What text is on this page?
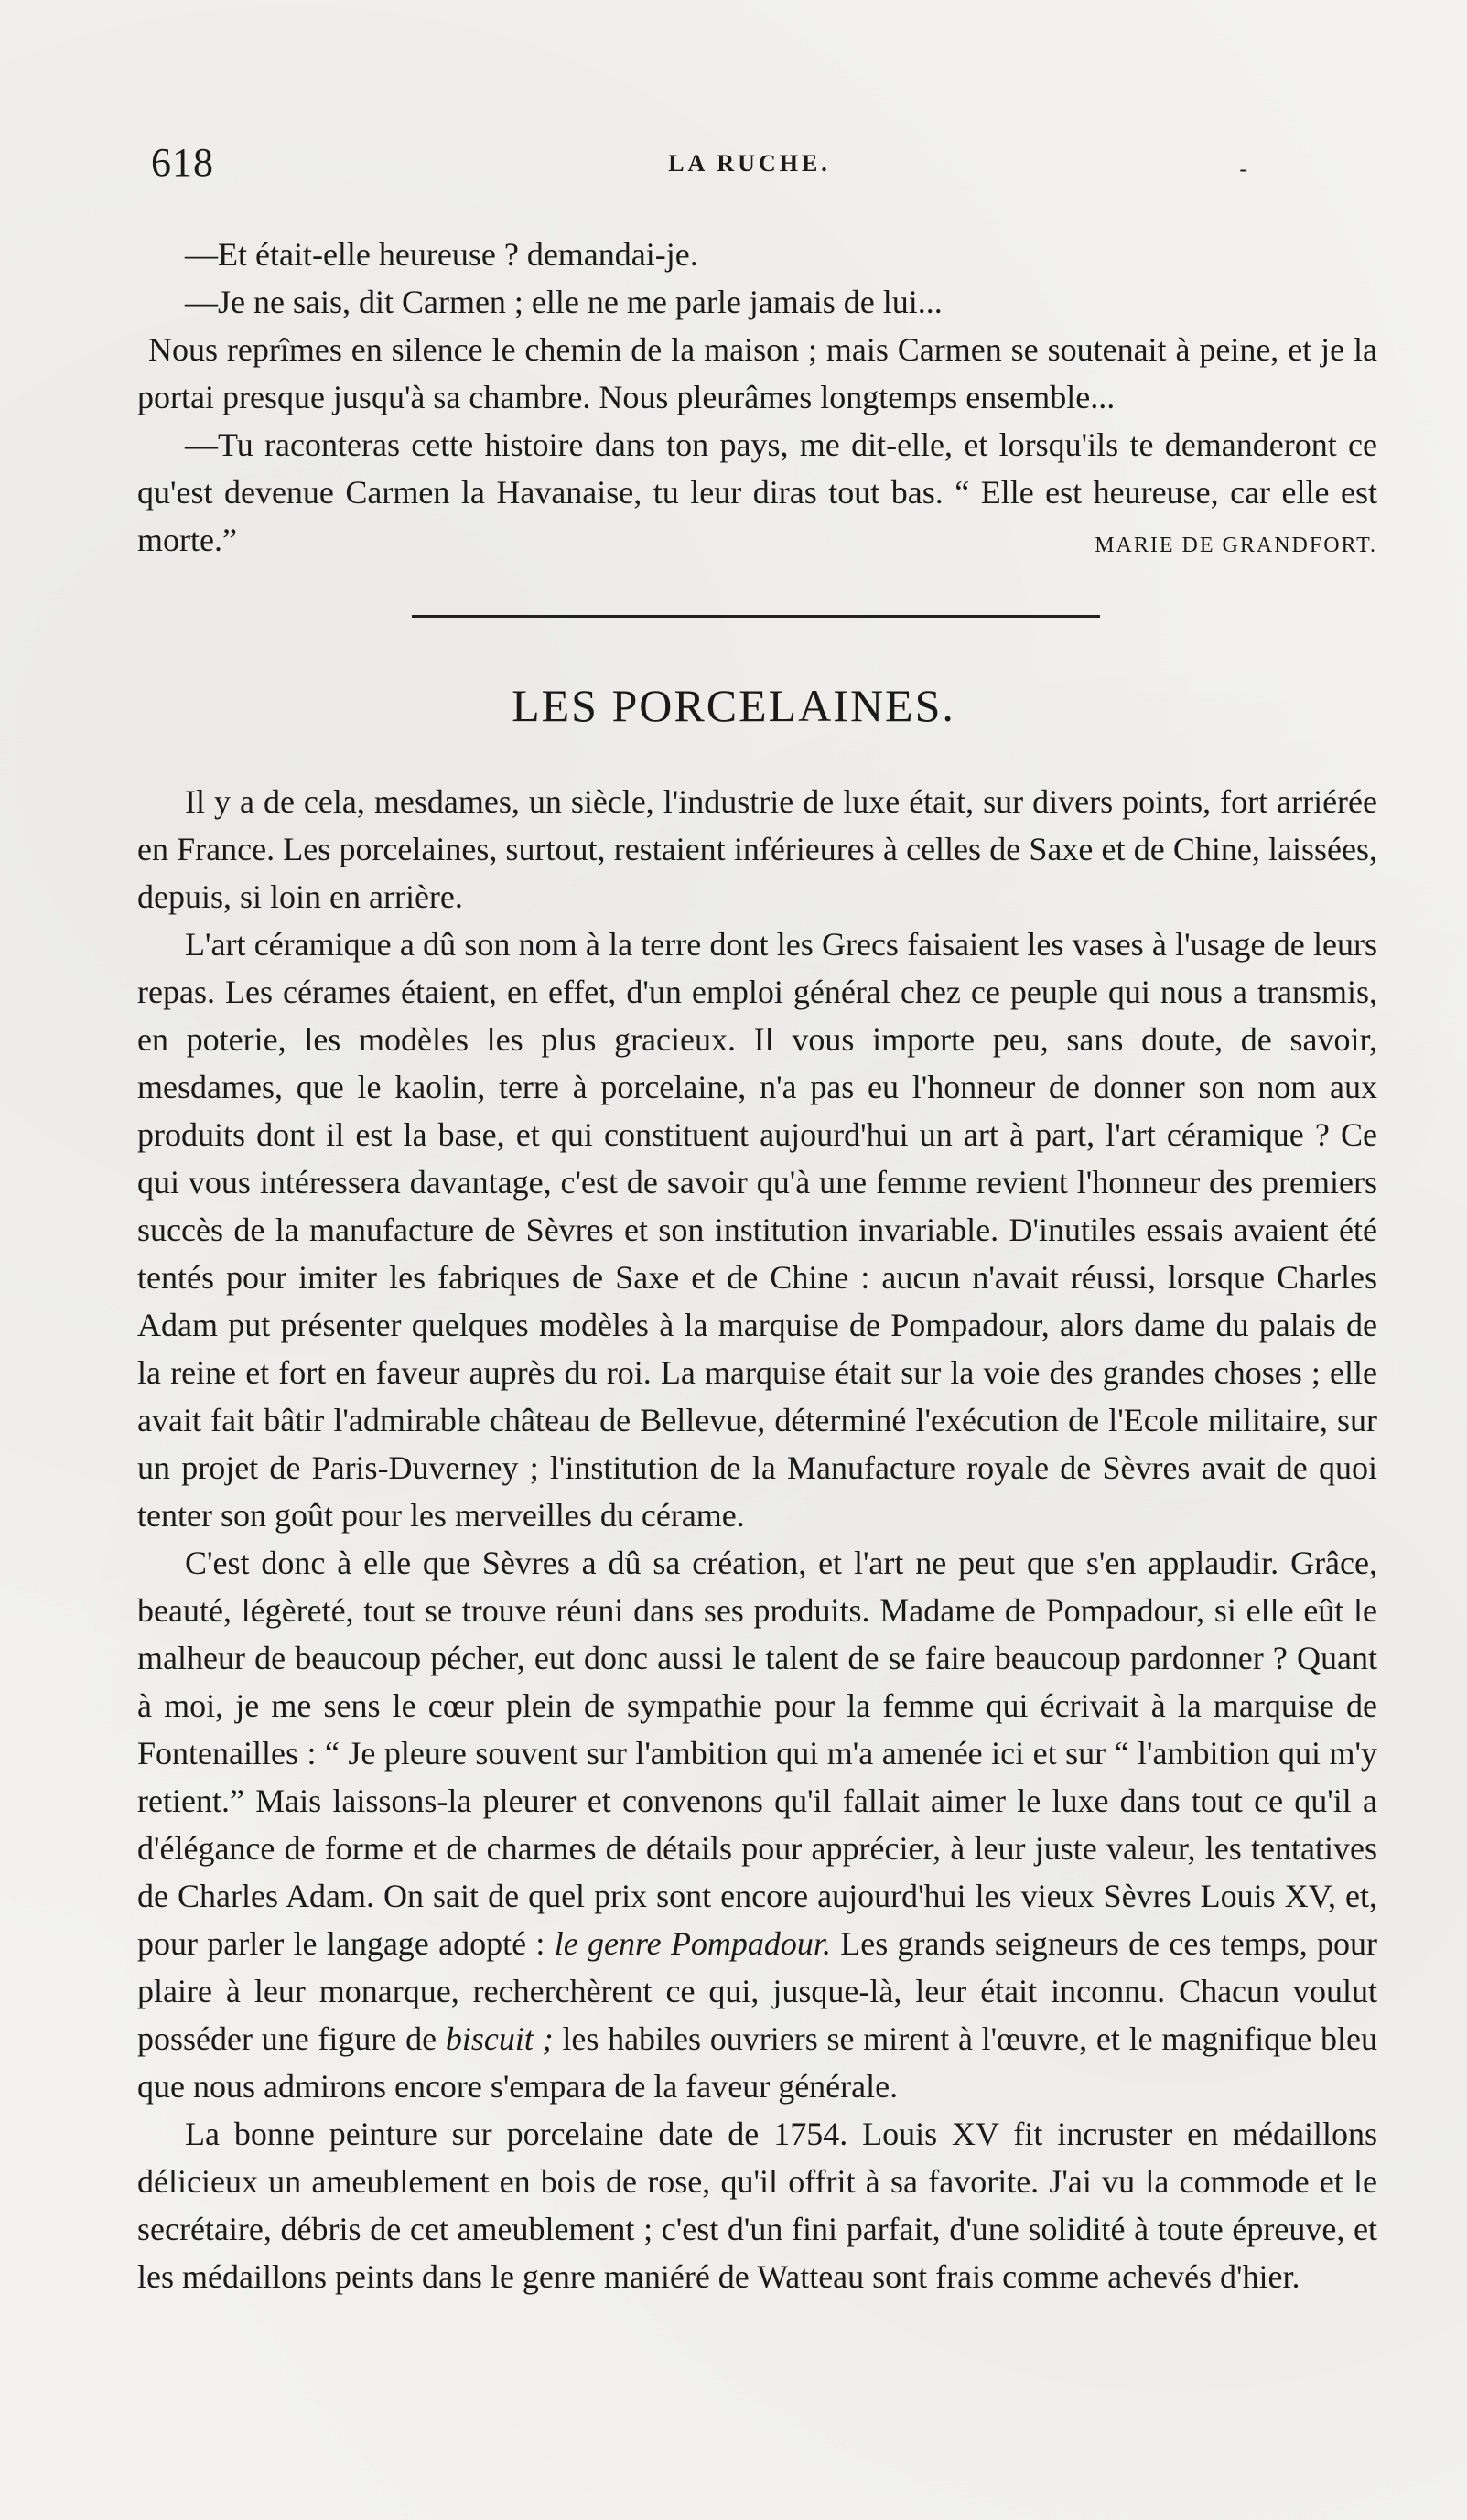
618	LA RUCHE.	-

—Et était-elle heureuse ? demandai-je.

—Je ne sais, dit Carmen ; elle ne me parle jamais de lui...

Nous reprîmes en silence le chemin de la maison ; mais Carmen se soutenait à peine, et je la portai presque jusqu'à sa chambre. Nous pleurâmes longtemps ensemble...

—Tu raconteras cette histoire dans ton pays, me dit-elle, et lorsqu'ils te demanderont ce qu'est devenue Carmen la Havanaise, tu leur diras tout bas. “ Elle est heureuse, car elle est morte.”	MARIE DE GRANDFORT.

LES PORCELAINES.

Il y a de cela, mesdames, un siècle, l'industrie de luxe était, sur divers points, fort arriérée en France. Les porcelaines, surtout, restaient inférieures à celles de Saxe et de Chine, laissées, depuis, si loin en arrière.

L'art céramique a dû son nom à la terre dont les Grecs faisaient les vases à l'usage de leurs repas. Les cérames étaient, en effet, d'un emploi général chez ce peuple qui nous a transmis, en poterie, les modèles les plus gracieux. Il vous importe peu, sans doute, de savoir, mesdames, que le kaolin, terre à porcelaine, n'a pas eu l'honneur de donner son nom aux produits dont il est la base, et qui constituent aujourd'hui un art à part, l'art céramique ? Ce qui vous intéressera davantage, c'est de savoir qu'à une femme revient l'honneur des premiers succès de la manufacture de Sèvres et son institution invariable. D'inutiles essais avaient été tentés pour imiter les fabriques de Saxe et de Chine : aucun n'avait réussi, lorsque Charles Adam put présenter quelques modèles à la marquise de Pompadour, alors dame du palais de la reine et fort en faveur auprès du roi. La marquise était sur la voie des grandes choses ; elle avait fait bâtir l'admirable château de Bellevue, déterminé l'exécution de l'Ecole militaire, sur un projet de Paris-Duverney ; l'institution de la Manufacture royale de Sèvres avait de quoi tenter son goût pour les merveilles du cérame.

C'est donc à elle que Sèvres a dû sa création, et l'art ne peut que s'en applaudir. Grâce, beauté, légèreté, tout se trouve réuni dans ses produits. Madame de Pompadour, si elle eût le malheur de beaucoup pécher, eut donc aussi le talent de se faire beaucoup pardonner ? Quant à moi, je me sens le cœur plein de sympathie pour la femme qui écrivait à la marquise de Fontenailles : “ Je pleure souvent sur l'ambition qui m'a amenée ici et sur “ l'ambition qui m'y retient.” Mais laissons-la pleurer et convenons qu'il fallait aimer le luxe dans tout ce qu'il a d'élégance de forme et de charmes de détails pour apprécier, à leur juste valeur, les tentatives de Charles Adam. On sait de quel prix sont encore aujourd'hui les vieux Sèvres Louis XV, et, pour parler le langage adopté : le genre Pompadour. Les grands seigneurs de ces temps, pour plaire à leur monarque, recherchèrent ce qui, jusque-là, leur était inconnu. Chacun voulut posséder une figure de biscuit ; les habiles ouvriers se mirent à l'œuvre, et le magnifique bleu que nous admirons encore s'empara de la faveur générale.

La bonne peinture sur porcelaine date de 1754. Louis XV fit incruster en médaillons délicieux un ameublement en bois de rose, qu'il offrit à sa favorite. J'ai vu la commode et le secrétaire, débris de cet ameublement ; c'est d'un fini parfait, d'une solidité à toute épreuve, et les médaillons peints dans le genre maniéré de Watteau sont frais comme achevés d'hier.
